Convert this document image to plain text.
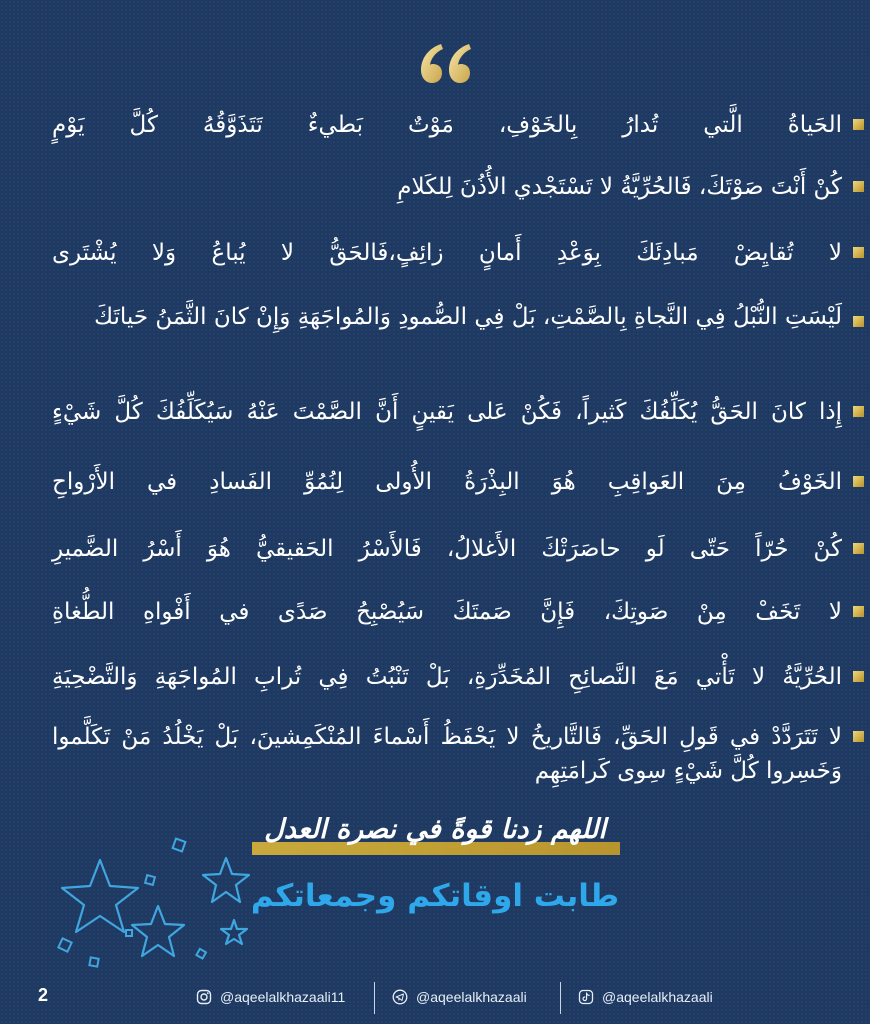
الحَياةُ الَّتي تُدارُ بِالخَوْفِ، مَوْتٌ بَطيءٌ تَتَذَوَّقُهُ كُلَّ يَوْمٍ
كُنْ أَنْتَ صَوْتَكَ، فَالحُرِّيَّةُ لا تَسْتَجْدي الأُذُنَ لِلكَلامِ
لا تُقايِضْ مَبادِئَكَ بِوَعْدِ أَمانٍ زائِفٍ،فَالحَقُّ لا يُباعُ وَلا يُشْتَرى
لَيْسَتِ النُّبْلُ فِي النَّجاةِ بِالصَّمْتِ، بَلْ فِي الصُّمودِ وَالمُواجَهَةِ وَإِنْ كانَ الثَّمَنُ حَياتَكَ
إِذا كانَ الحَقُّ يُكَلِّفُكَ كَثيراً، فَكُنْ عَلى يَقينٍ أَنَّ الصَّمْتَ عَنْهُ سَيُكَلِّفُكَ كُلَّ شَيْءٍ
الخَوْفُ مِنَ العَواقِبِ هُوَ البِذْرَةُ الأُولى لِنُمُوِّ الفَسادِ في الأَرْواحِ
كُنْ حُرّاً حَتّى لَو حاصَرَتْكَ الأَغلالُ، فَالأَسْرُ الحَقيقيُّ هُوَ أَسْرُ الضَّميرِ
لا تَخَفْ مِنْ صَوتِكَ، فَإِنَّ صَمتَكَ سَيُصْبِحُ صَدًى في أَفْواهِ الطُّغاةِ
الحُرِّيَّةُ لا تَأْتي مَعَ النَّصائِحِ المُخَدِّرَةِ، بَلْ تَنْبُتُ فِي تُرابِ المُواجَهَةِ وَالتَّضْحِيَةِ
لا تَتَرَدَّدْ في قَولِ الحَقِّ، فَالتَّاريخُ لا يَحْفَظُ أَسْماءَ المُنْكَمِشينَ، بَلْ يَخْلُدُ مَنْ تَكَلَّموا وَخَسِروا كُلَّ شَيْءٍ سِوى كَرامَتِهِم
اللهم زدنا قوةً في نصرة العدل
طابت اوقاتكم وجمعاتكم
2	@aqeelalkhazaali11	@aqeelalkhazaali	@aqeelalkhazaali
